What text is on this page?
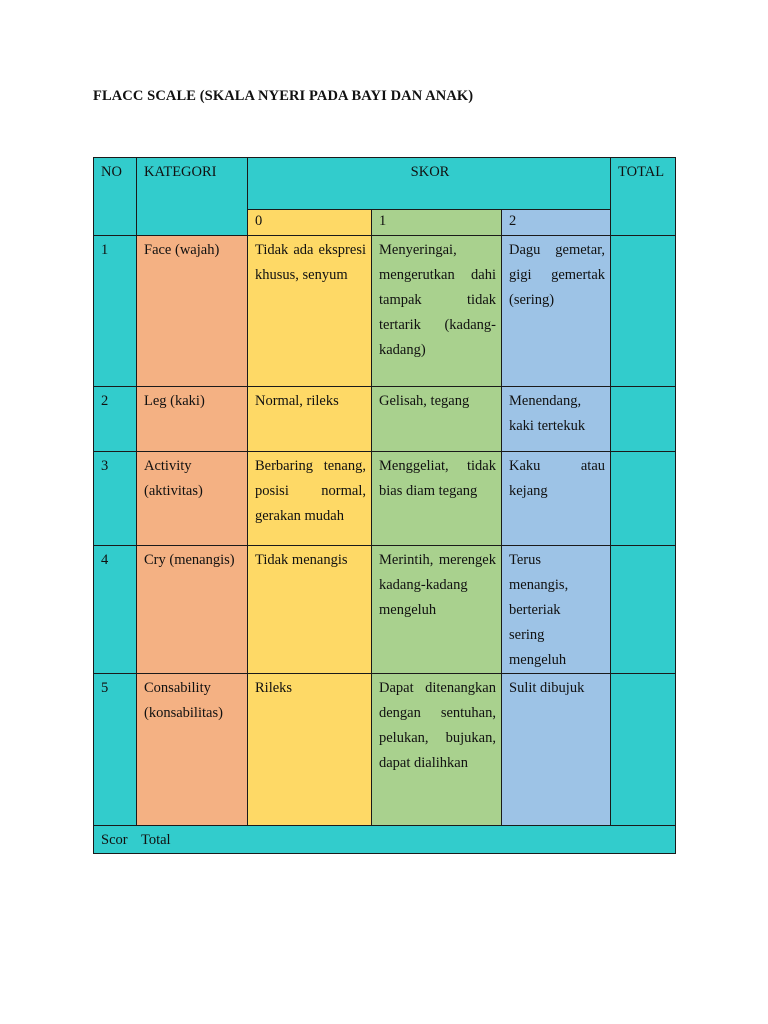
FLACC SCALE (SKALA NYERI PADA BAYI DAN ANAK)
NO	KATEGORI	SKOR			TOTAL
		0	1	2	
1	Face (wajah)	Tidak ada ekspresi khusus, senyum	Menyeringai, mengerutkan dahi tampak tidak tertarik (kadang-kadang)	Dagu gemetar, gigi gemertak (sering)	
2	Leg (kaki)	Normal, rileks	Gelisah, tegang	Menendang, kaki tertekuk	
3	Activity (aktivitas)	Berbaring tenang, posisi normal, gerakan mudah	Menggeliat, tidak bias diam tegang	Kaku atau kejang	
4	Cry (menangis)	Tidak menangis	Merintih, merengek kadang-kadang mengeluh	Terus menangis, berteriak sering mengeluh	
5	Consability (konsabilitas)	Rileks	Dapat ditenangkan dengan sentuhan, pelukan, bujukan, dapat dialihkan	Sulit dibujuk	
Scor Total					
